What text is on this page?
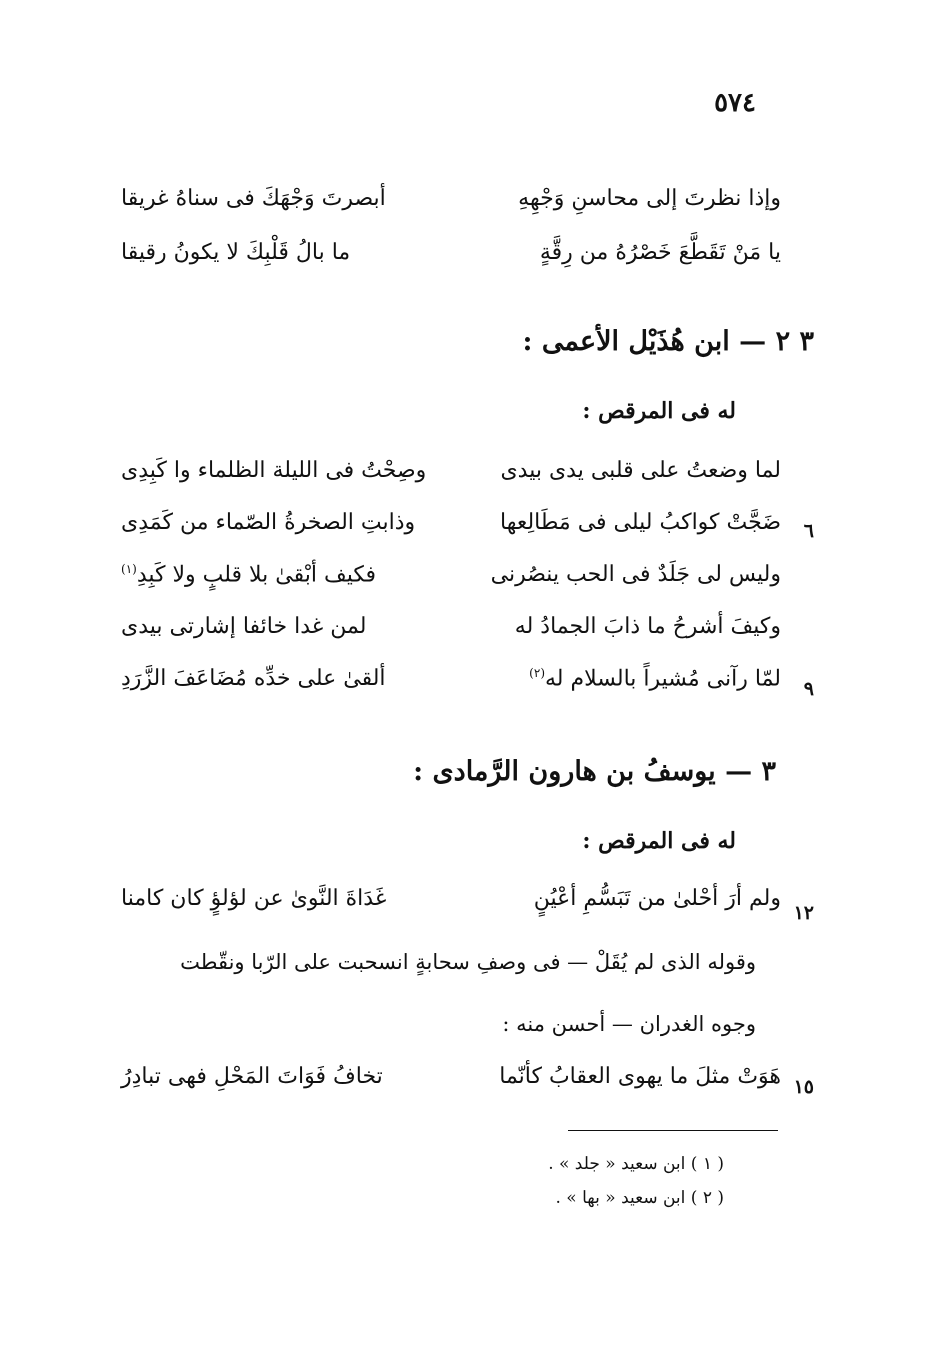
٥٧٤
وإذا نظرتَ إلى محاسنِ وَجْهِهِ
أبصرتَ وَجْهَكَ فى سناهُ غريقا
يا مَنْ تَقَطَّعَ خَصْرُهُ من رِقَّةٍ
ما بالُ قَلْبِكَ لا يكونُ رقيقا
٣ ٢ — ابن هُذَيْل الأعمى :
له فى المرقص :
لما وضعتُ على قلبى يدى بيدى
وصِحْتُ فى الليلة الظلماء وا كَبِدِى
٦
ضَجَّتْ كواكبُ ليلى فى مَطَالِعها
وذابتِ الصخرةُ الصّماء من كَمَدِى
وليس لى جَلَدٌ فى الحب ينصُرنى
فكيف أبْقىٰ بلا قلبٍ ولا كَبِدِ$^{(١)}$
وكيفَ أشرحُ ما ذابَ الجمادُ له
لمن غدا خائفا إشارتى بيدى
٩
لمّا رآنى مُشيراً بالسلام له$^{(٢)}$
ألقىٰ على خدِّه مُضَاعَفَ الزَّرَدِ
٣ — يوسفُ بن هارون الرَّمادى :
له فى المرقص :
١٢
ولم أرَ أحْلىٰ من تَبَسُّمِ أعْيُنٍ
غَدَاةَ النَّوىٰ عن لؤلؤٍ كان كامنا
وقوله الذى لم يُقَلْ — فى وصفِ سحابةٍ انسحبت على الرّبا ونقّطت
وجوه الغدران — أحسن منه :
١٥
هَوَتْ مثلَ ما يهوى العقابُ كأنّما
تخافُ فَوَاتَ المَحْلِ فهى تبادِرُ
( ١ ) ابن سعيد « جلد » .
( ٢ ) ابن سعيد « بها » .
